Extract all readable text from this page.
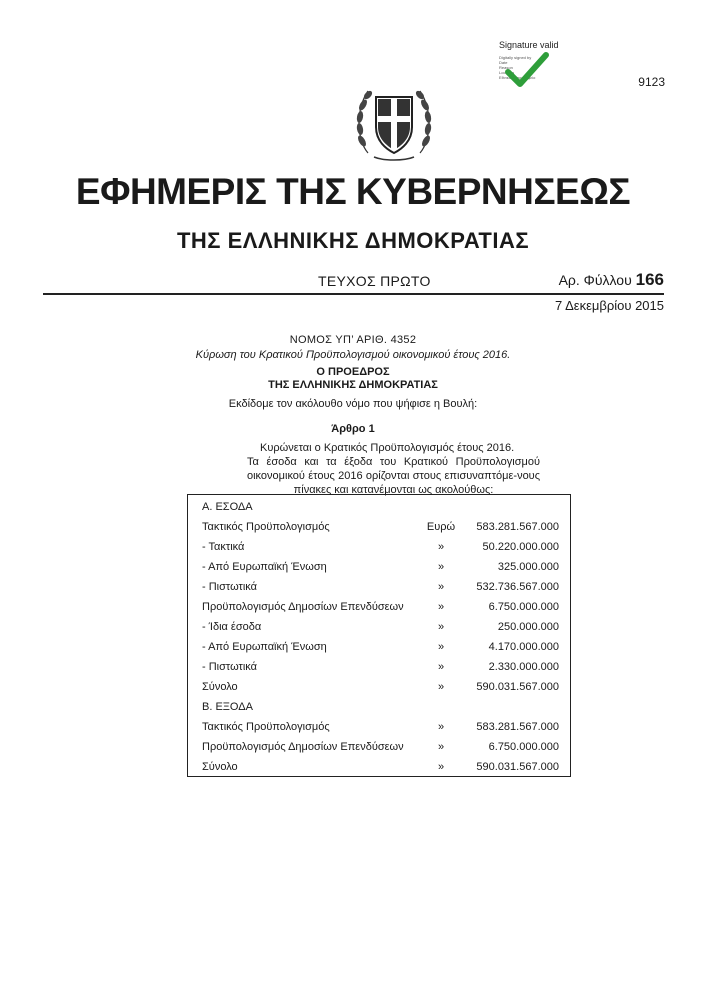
Signature valid
Digitally signed by
Date
Reason
Location
Εθνικό Τυπογραφείο	9123
ΕΦΗΜΕΡΙΣ ΤΗΣ ΚΥΒΕΡΝΗΣΕΩΣ
ΤΗΣ ΕΛΛΗΝΙΚΗΣ ΔΗΜΟΚΡΑΤΙΑΣ
ΤΕΥΧΟΣ ΠΡΩΤΟ	Αρ. Φύλλου 166
7 Δεκεμβρίου 2015
ΝΟΜΟΣ ΥΠ’ ΑΡΙΘ. 4352
Κύρωση του Κρατικού Προϋπολογισμού οικονομικού έτους 2016.
Ο ΠΡΟΕΔΡΟΣ
ΤΗΣ ΕΛΛΗΝΙΚΗΣ ΔΗΜΟΚΡΑΤΙΑΣ
Εκδίδομε τον ακόλουθο νόμο που ψήφισε η Βουλή:
Άρθρο 1
Κυρώνεται ο Κρατικός Προϋπολογισμός έτους 2016.
Τα έσοδα και τα έξοδα του Κρατικού Προϋπολογισμού οικονομικού έτους 2016 ορίζονται στους επισυναπτόμε-νους πίνακες και κατανέμονται ως ακολούθως:
Α. ΕΣΟΔΑ
Τακτικός Προϋπολογισμός	Ευρώ	583.281.567.000
- Τακτικά	»	50.220.000.000
- Από Ευρωπαϊκή Ένωση	»	325.000.000
- Πιστωτικά	»	532.736.567.000
Προϋπολογισμός Δημοσίων Επενδύσεων	»	6.750.000.000
- Ίδια έσοδα	»	250.000.000
- Από Ευρωπαϊκή Ένωση	»	4.170.000.000
- Πιστωτικά	»	2.330.000.000
Σύνολο	»	590.031.567.000
Β. ΕΞΟΔΑ
Τακτικός Προϋπολογισμός	»	583.281.567.000
Προϋπολογισμός Δημοσίων Επενδύσεων	»	6.750.000.000
Σύνολο	»	590.031.567.000
